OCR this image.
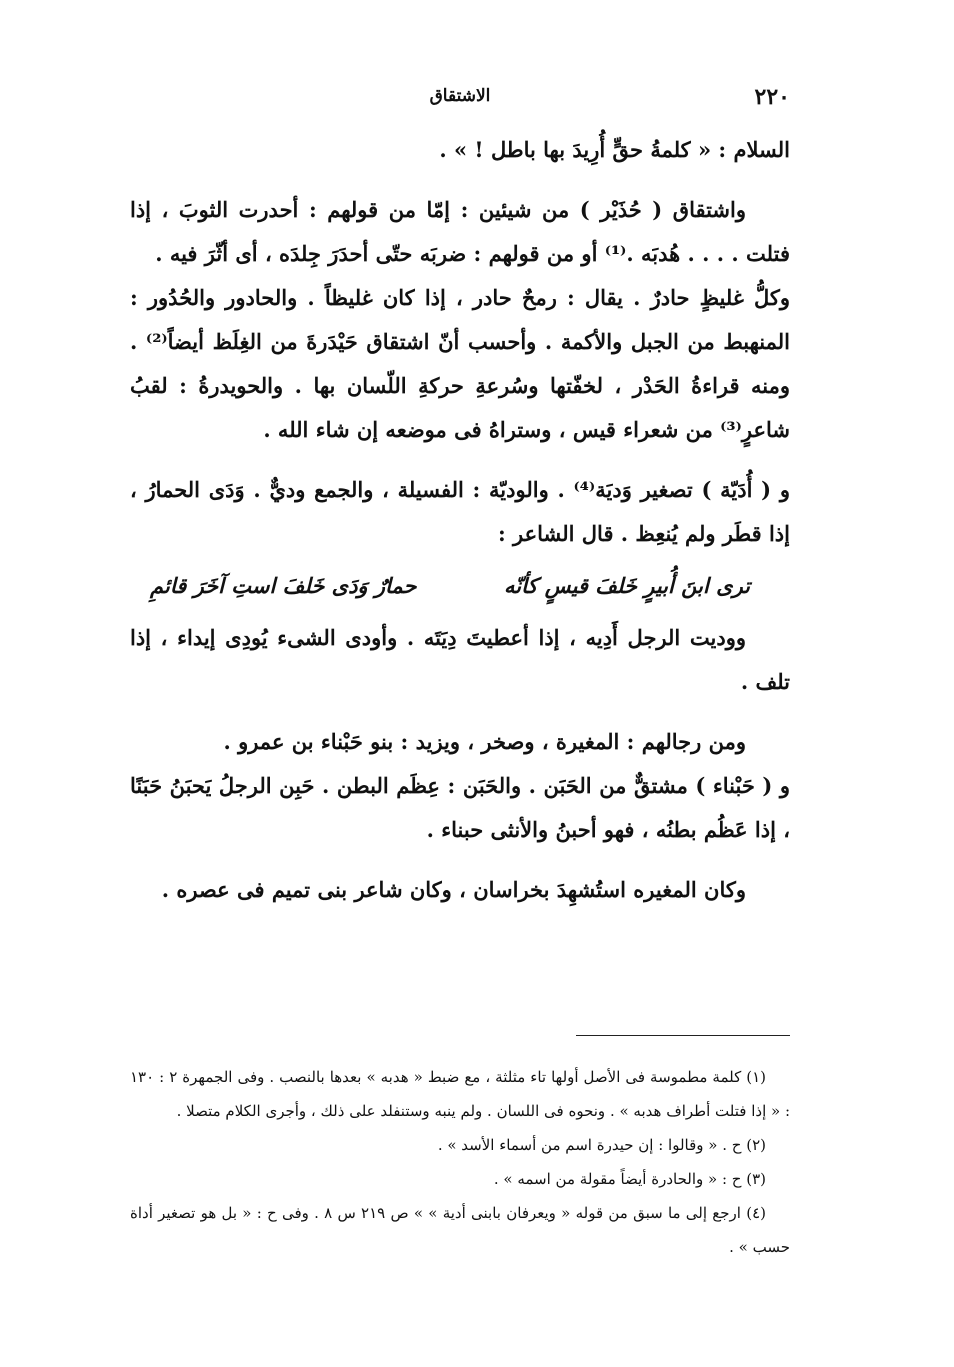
٢٢٠
الاشتقاق

السلام : « كلمةُ حقٍّ أُرِيدَ بها باطل ! » .

واشتقاق ( حُذَيْر ) من شيئين : إمّا من قولهم : أحدرت الثوبَ ، إذا فتلت . . . . هُدبَه .⁽¹⁾ أو من قولهم : ضربَه حتّى أحدَرَ جِلدَه ، أى أثّرَ فيه .

وكلُّ غليظٍ حادرٌ . يقال : رمحٌ حادر ، إذا كان غليظاً . والحادور والحُدُور : المنهبط من الجبل والأكمة . وأحسب أنّ اشتقاق حَيْدَرةَ من الغِلَظ أيضاً⁽²⁾ . ومنه قراءةُ الحَدْر ، لخفّتها وسُرعةِ حركةِ اللّسان بها . والحويدرةُ : لقبُ شاعرٍ⁽³⁾ من شعراء قيس ، وستراهُ فى موضعه إن شاء الله .

و ( أُدَيّة ) تصغير وَديَة⁽⁴⁾ . والوديّة : الفسيلة ، والجمع وديٌّ . وَدَى الحمارُ ، إذا قطَر ولم يُنعِظ . قال الشاعر :

ترى ابنَ أُبيرٍ خَلفَ قيسٍ كأنّه
حمارٌ وَدَى خَلفَ استِ آخَرَ قائمِ

ووديت الرجل أَدِيه ، إذا أعطيتَ دِيَتَه . وأودى الشىء يُودِى إيداء ، إذا تلف .

ومن رجالهم : المغيرة ، وصخر ، ويزيد : بنو حَبْناء بن عمرو .

و ( حَبْناء ) مشتقٌّ من الحَبَن . والحَبَن : عِظَم البطن . حَبِن الرجلُ يَحبَنُ حَبَنًا ، إذا عَظُم بطنُه ، فهو أحبنُ والأنثى حبناء .

وكان المغيره استُشهِدَ بخراسان ، وكان شاعر بنى تميم فى عصره .

(١) كلمة مطموسة فى الأصل أولها تاء مثلثة ، مع ضبط « هدبه » بعدها بالنصب . وفى الجمهرة ٢ : ١٣٠ : « إذا فتلت أطراف هدبه » . ونحوه فى اللسان . ولم ينبه وستنفلد على ذلك ، وأجرى الكلام متصلا .

(٢) ح . « وقالوا : إن حيدرة اسم من أسماء الأسد » .

(٣) ح : « والحادرة أيضاً مقولة من اسمه » .

(٤) ارجع إلى ما سبق من قوله « ويعرفان بابنى أدية » » ص ٢١٩ س ٨ . وفى ح : « بل هو تصغير أداة حسب » .
